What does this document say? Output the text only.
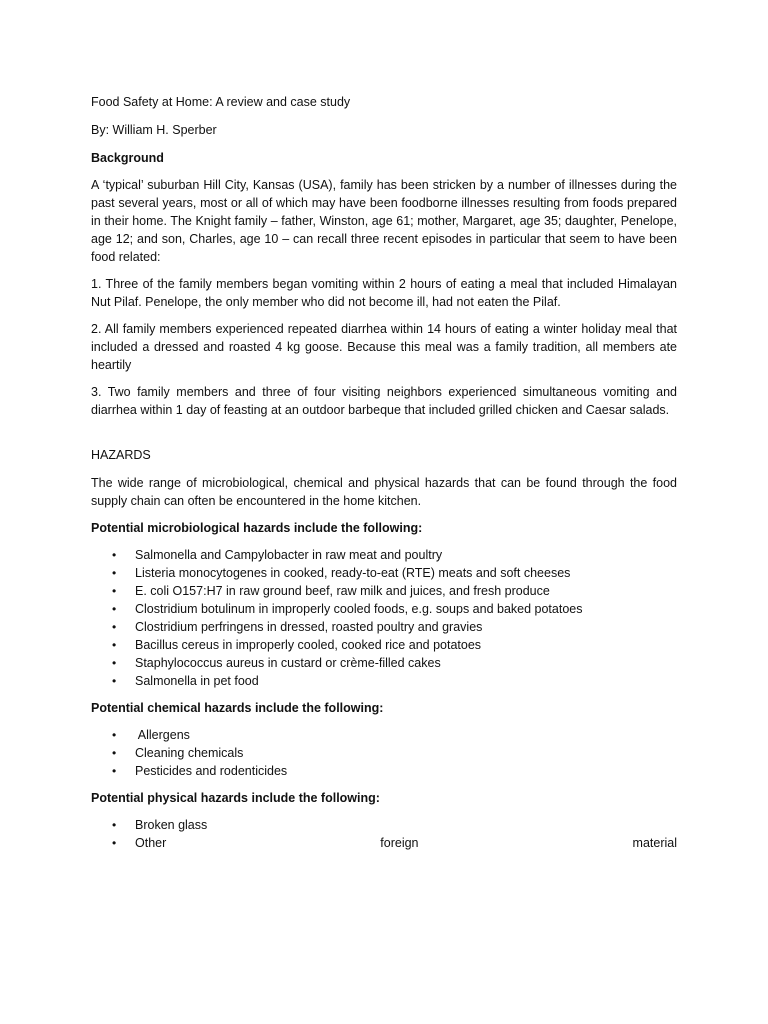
Food Safety at Home: A review and case study

By: William H. Sperber

Background

A ‘typical’ suburban Hill City, Kansas (USA), family has been stricken by a number of illnesses during the past several years, most or all of which may have been foodborne illnesses resulting from foods prepared in their home. The Knight family – father, Winston, age 61; mother, Margaret, age 35; daughter, Penelope, age 12; and son, Charles, age 10 – can recall three recent episodes in particular that seem to have been food related:

1. Three of the family members began vomiting within 2 hours of eating a meal that included Himalayan Nut Pilaf. Penelope, the only member who did not become ill, had not eaten the Pilaf.

2. All family members experienced repeated diarrhea within 14 hours of eating a winter holiday meal that included a dressed and roasted 4 kg goose. Because this meal was a family tradition, all members ate heartily

3. Two family members and three of four visiting neighbors experienced simultaneous vomiting and diarrhea within 1 day of feasting at an outdoor barbeque that included grilled chicken and Caesar salads.

HAZARDS

The wide range of microbiological, chemical and physical hazards that can be found through the food supply chain can often be encountered in the home kitchen.

Potential microbiological hazards include the following:

• Salmonella and Campylobacter in raw meat and poultry
• Listeria monocytogenes in cooked, ready-to-eat (RTE) meats and soft cheeses
• E. coli O157:H7 in raw ground beef, raw milk and juices, and fresh produce
• Clostridium botulinum in improperly cooled foods, e.g. soups and baked potatoes
• Clostridium perfringens in dressed, roasted poultry and gravies
• Bacillus cereus in improperly cooled, cooked rice and potatoes
• Staphylococcus aureus in custard or crème-filled cakes
• Salmonella in pet food

Potential chemical hazards include the following:

• Allergens
• Cleaning chemicals
• Pesticides and rodenticides

Potential physical hazards include the following:

• Broken glass
• Other	foreign	material
